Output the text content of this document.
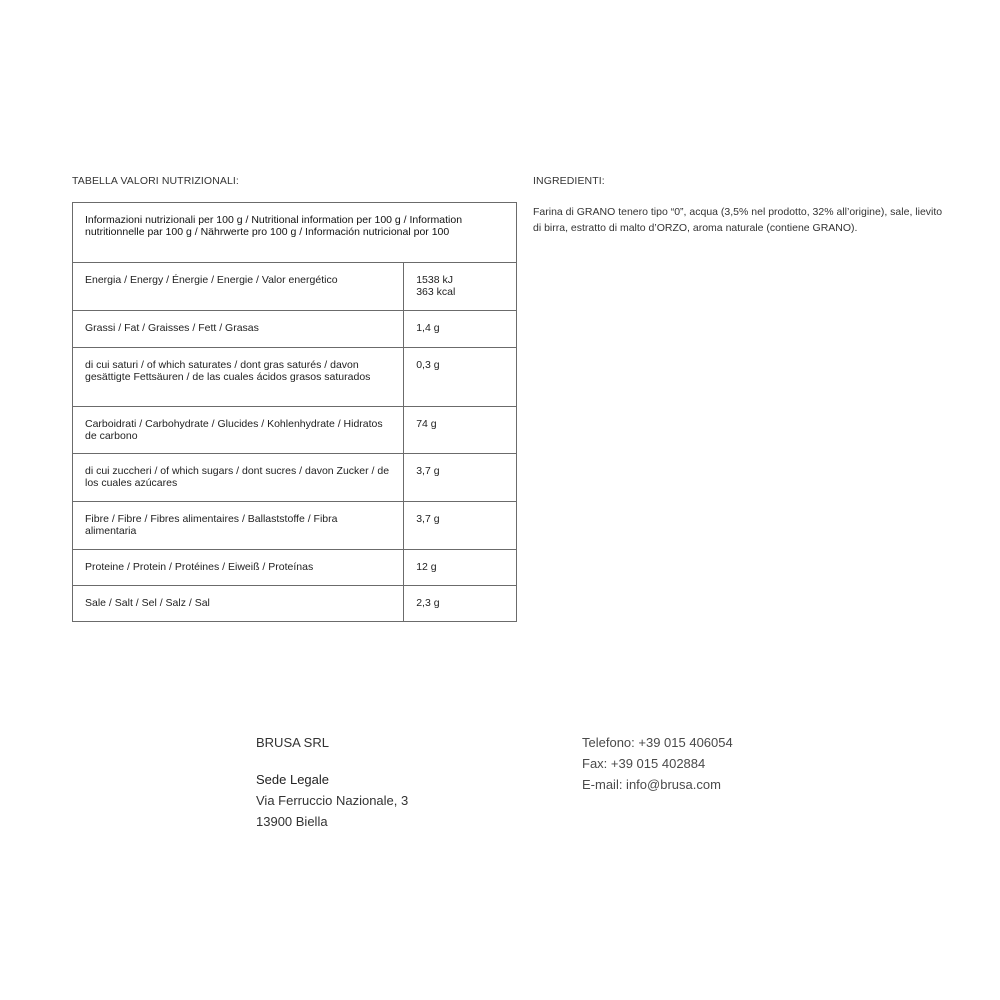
TABELLA VALORI NUTRIZIONALI:
Informazioni nutrizionali per 100 g / Nutritional information per 100 g / Information nutritionnelle par 100 g / Nährwerte pro 100 g / Información nutricional por 100	

Energia / Energy / Énergie / Energie / Valor energético	1538 kJ
363 kcal

Grassi / Fat / Graisses / Fett / Grasas	1,4 g

di cui saturi / of which saturates / dont gras saturés / davon gesättigte Fettsäuren / de las cuales ácidos grasos saturados	0,3 g

Carboidrati / Carbohydrate / Glucides / Kohlenhydrate / Hidratos de carbono	74 g

di cui zuccheri / of which sugars / dont sucres / davon Zucker / de los cuales azúcares	3,7 g

Fibre / Fibre / Fibres alimentaires / Ballaststoffe / Fibra alimentaria	3,7 g

Proteine / Protein / Protéines / Eiweiß / Proteínas	12 g

Sale / Salt / Sel / Salz / Sal	2,3 g
INGREDIENTI:

Farina di GRANO tenero tipo “0”, acqua (3,5% nel prodotto, 32% all’origine), sale, lievito di birra, estratto di malto d’ORZO, aroma naturale (contiene GRANO).

BRUSA SRL
Sede Legale
Via Ferruccio Nazionale, 3
13900 Biella
Telefono: +39 015 406054
Fax: +39 015 402884
E-mail: info@brusa.com
